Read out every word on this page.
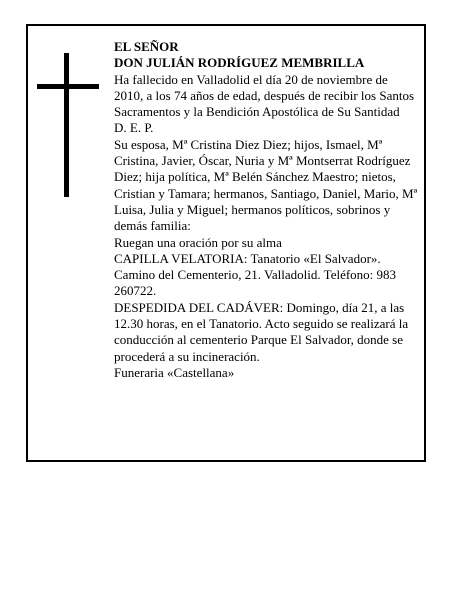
EL SEÑOR

DON JULIÁN RODRÍGUEZ MEMBRILLA

Ha fallecido en Valladolid el día 20 de noviembre de 2010, a los 74 años de edad, después de recibir los Santos Sacramentos y la Bendición Apostólica de Su Santidad

D. E. P.

Su esposa, Mª Cristina Diez Diez; hijos, Ismael, Mª Cristina, Javier, Óscar, Nuria y Mª Montserrat Rodríguez Diez; hija política, Mª Belén Sánchez Maestro; nietos, Cristian y Tamara; hermanos, Santiago, Daniel, Mario, Mª Luisa, Julia y Miguel; hermanos políticos, sobrinos y demás familia:

Ruegan una oración por su alma

CAPILLA VELATORIA: Tanatorio «El Salvador». Camino del Cementerio, 21. Valladolid. Teléfono: 983 260722.

DESPEDIDA DEL CADÁVER: Domingo, día 21, a las 12.30 horas, en el Tanatorio. Acto seguido se realizará la conducción al cementerio Parque El Salvador, donde se procederá a su incineración.

Funeraria «Castellana»
